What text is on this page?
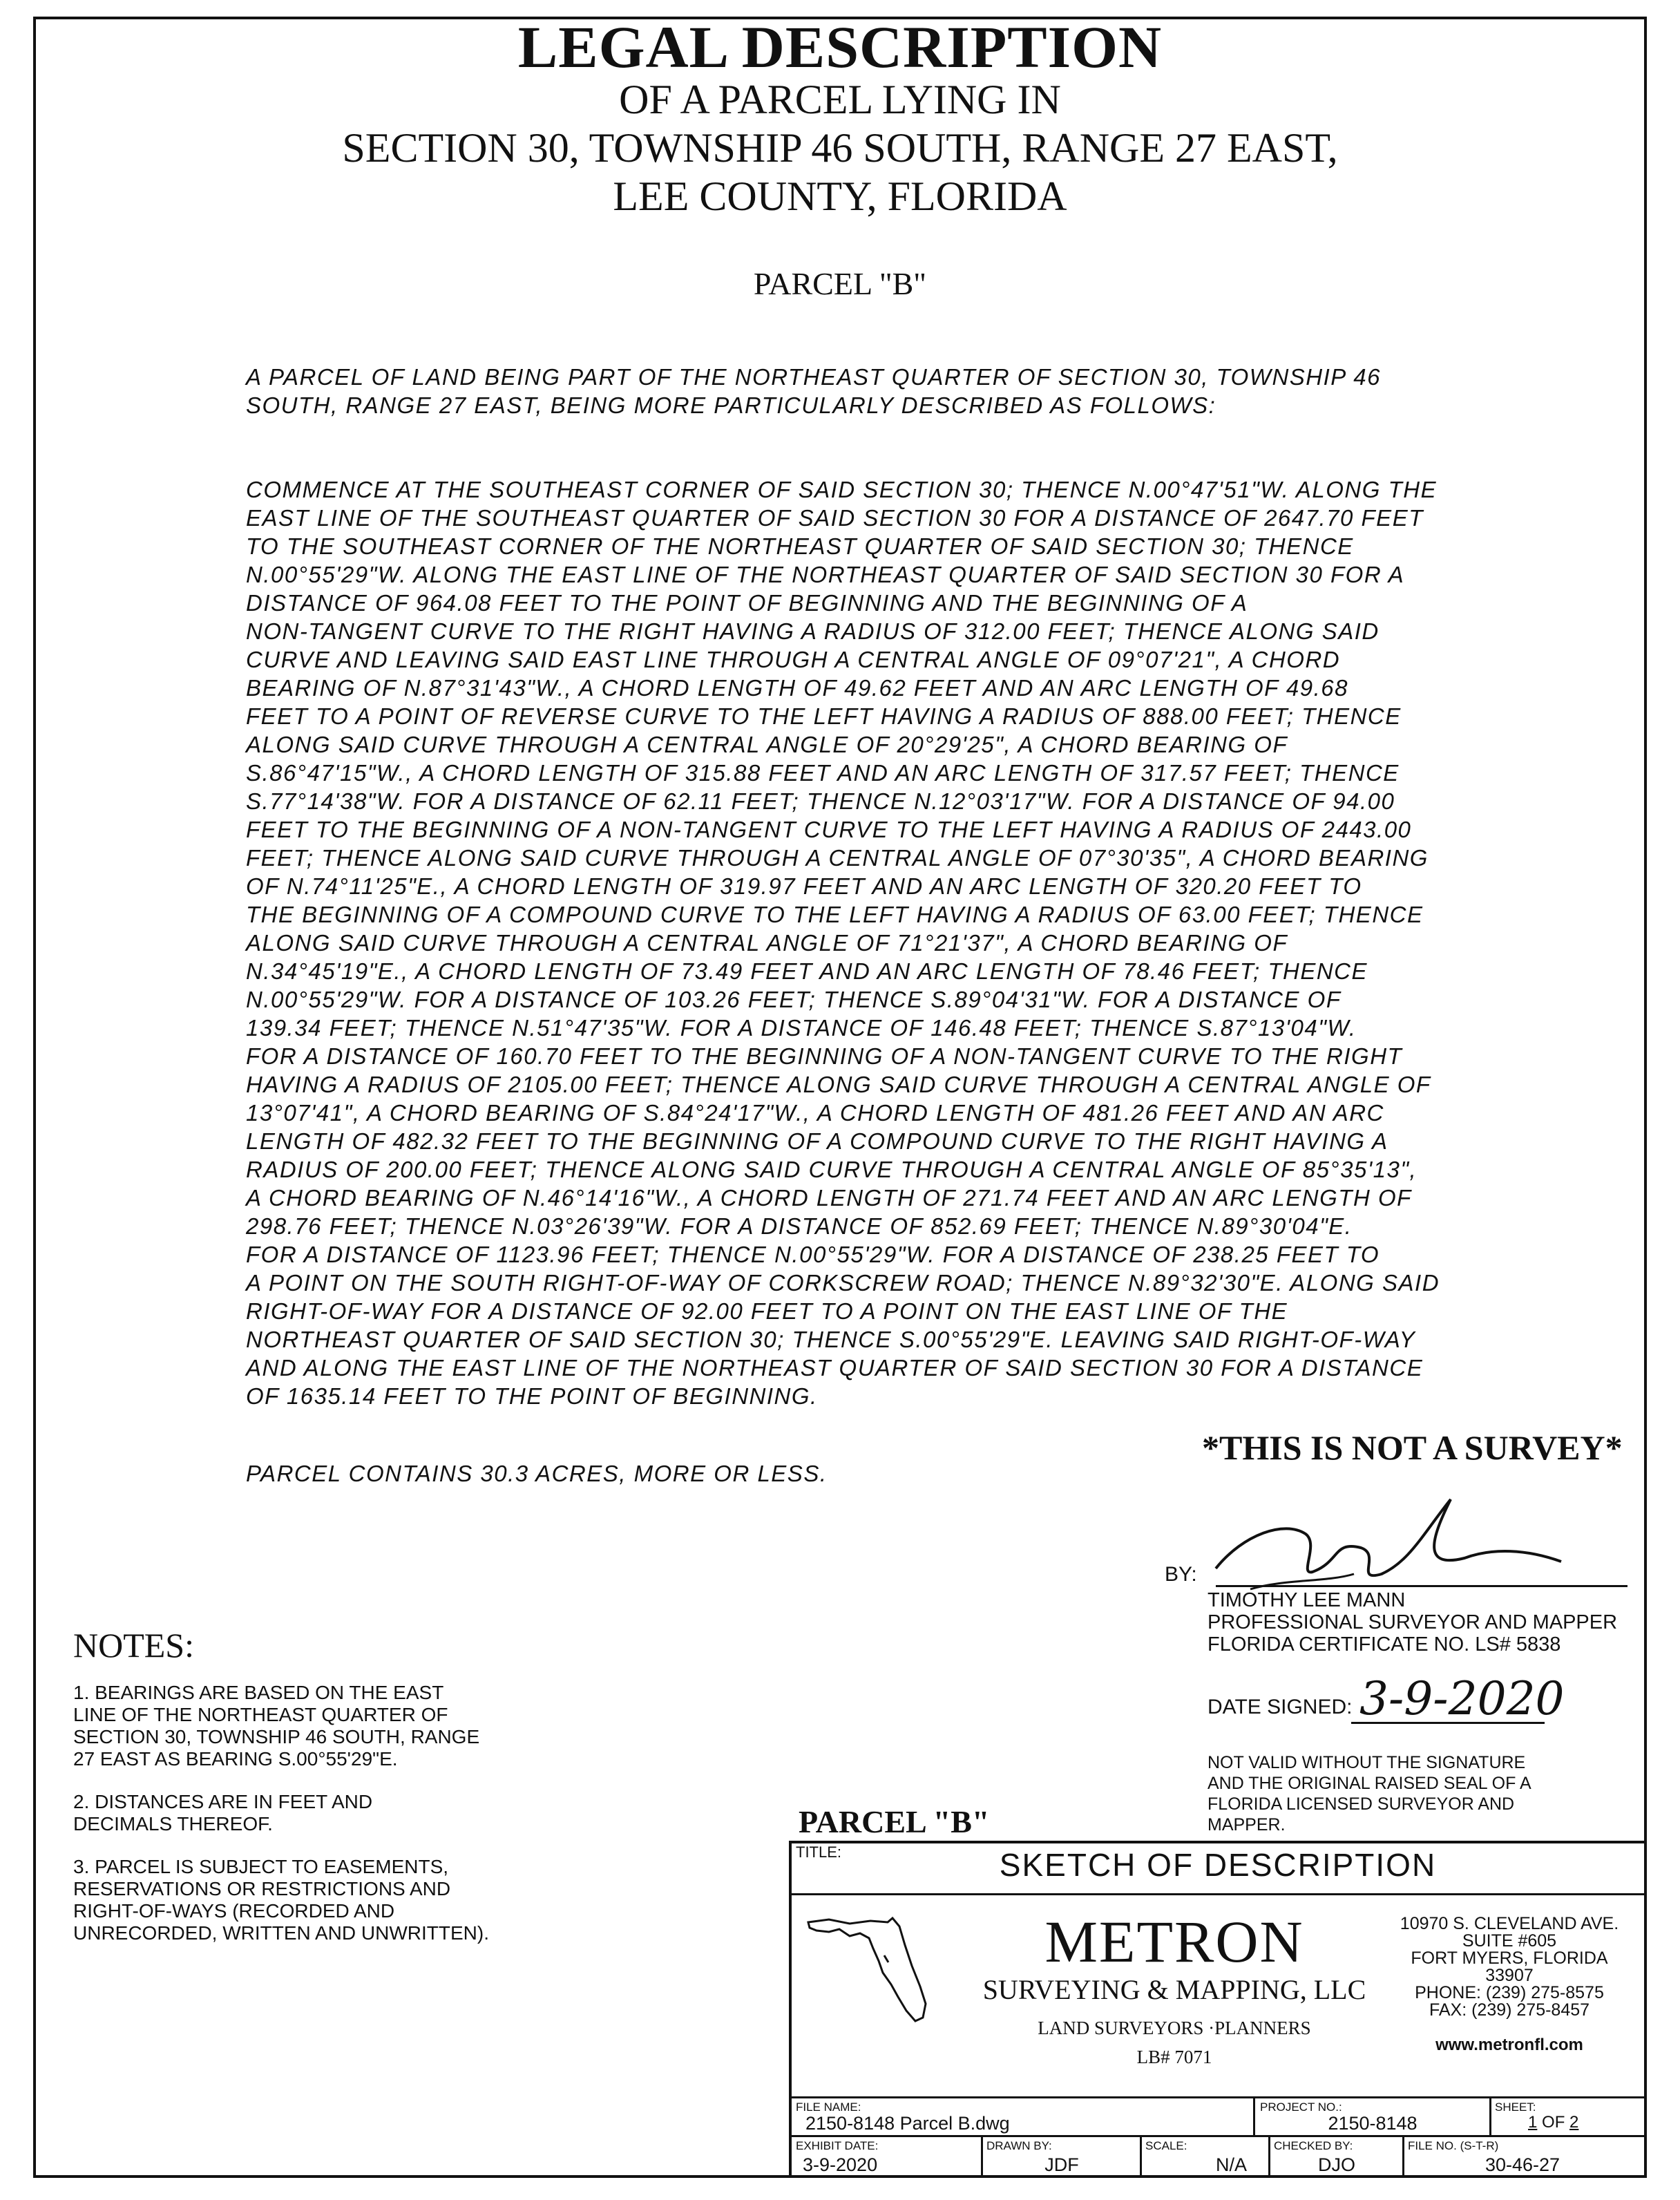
LEGAL DESCRIPTION
OF A PARCEL LYING IN
SECTION 30, TOWNSHIP 46 SOUTH, RANGE 27 EAST,
LEE COUNTY, FLORIDA
PARCEL "B"

A PARCEL OF LAND BEING PART OF THE NORTHEAST QUARTER OF SECTION 30, TOWNSHIP 46
SOUTH, RANGE 27 EAST, BEING MORE PARTICULARLY DESCRIBED AS FOLLOWS:

COMMENCE AT THE SOUTHEAST CORNER OF SAID SECTION 30; THENCE N.00°47'51"W. ALONG THE
EAST LINE OF THE SOUTHEAST QUARTER OF SAID SECTION 30 FOR A DISTANCE OF 2647.70 FEET
TO THE SOUTHEAST CORNER OF THE NORTHEAST QUARTER OF SAID SECTION 30; THENCE
N.00°55'29"W. ALONG THE EAST LINE OF THE NORTHEAST QUARTER OF SAID SECTION 30 FOR A
DISTANCE OF 964.08 FEET TO THE POINT OF BEGINNING AND THE BEGINNING OF A
NON-TANGENT CURVE TO THE RIGHT HAVING A RADIUS OF 312.00 FEET; THENCE ALONG SAID
CURVE AND LEAVING SAID EAST LINE THROUGH A CENTRAL ANGLE OF 09°07'21", A CHORD
BEARING OF N.87°31'43"W., A CHORD LENGTH OF 49.62 FEET AND AN ARC LENGTH OF 49.68
FEET TO A POINT OF REVERSE CURVE TO THE LEFT HAVING A RADIUS OF 888.00 FEET; THENCE
ALONG SAID CURVE THROUGH A CENTRAL ANGLE OF 20°29'25", A CHORD BEARING OF
S.86°47'15"W., A CHORD LENGTH OF 315.88 FEET AND AN ARC LENGTH OF 317.57 FEET; THENCE
S.77°14'38"W. FOR A DISTANCE OF 62.11 FEET; THENCE N.12°03'17"W. FOR A DISTANCE OF 94.00
FEET TO THE BEGINNING OF A NON-TANGENT CURVE TO THE LEFT HAVING A RADIUS OF 2443.00
FEET; THENCE ALONG SAID CURVE THROUGH A CENTRAL ANGLE OF 07°30'35", A CHORD BEARING
OF N.74°11'25"E., A CHORD LENGTH OF 319.97 FEET AND AN ARC LENGTH OF 320.20 FEET TO
THE BEGINNING OF A COMPOUND CURVE TO THE LEFT HAVING A RADIUS OF 63.00 FEET; THENCE
ALONG SAID CURVE THROUGH A CENTRAL ANGLE OF 71°21'37", A CHORD BEARING OF
N.34°45'19"E., A CHORD LENGTH OF 73.49 FEET AND AN ARC LENGTH OF 78.46 FEET; THENCE
N.00°55'29"W. FOR A DISTANCE OF 103.26 FEET; THENCE S.89°04'31"W. FOR A DISTANCE OF
139.34 FEET; THENCE N.51°47'35"W. FOR A DISTANCE OF 146.48 FEET; THENCE S.87°13'04"W.
FOR A DISTANCE OF 160.70 FEET TO THE BEGINNING OF A NON-TANGENT CURVE TO THE RIGHT
HAVING A RADIUS OF 2105.00 FEET; THENCE ALONG SAID CURVE THROUGH A CENTRAL ANGLE OF
13°07'41", A CHORD BEARING OF S.84°24'17"W., A CHORD LENGTH OF 481.26 FEET AND AN ARC
LENGTH OF 482.32 FEET TO THE BEGINNING OF A COMPOUND CURVE TO THE RIGHT HAVING A
RADIUS OF 200.00 FEET; THENCE ALONG SAID CURVE THROUGH A CENTRAL ANGLE OF 85°35'13",
A CHORD BEARING OF N.46°14'16"W., A CHORD LENGTH OF 271.74 FEET AND AN ARC LENGTH OF
298.76 FEET; THENCE N.03°26'39"W. FOR A DISTANCE OF 852.69 FEET; THENCE N.89°30'04"E.
FOR A DISTANCE OF 1123.96 FEET; THENCE N.00°55'29"W. FOR A DISTANCE OF 238.25 FEET TO
A POINT ON THE SOUTH RIGHT-OF-WAY OF CORKSCREW ROAD; THENCE N.89°32'30"E. ALONG SAID
RIGHT-OF-WAY FOR A DISTANCE OF 92.00 FEET TO A POINT ON THE EAST LINE OF THE
NORTHEAST QUARTER OF SAID SECTION 30; THENCE S.00°55'29"E. LEAVING SAID RIGHT-OF-WAY
AND ALONG THE EAST LINE OF THE NORTHEAST QUARTER OF SAID SECTION 30 FOR A DISTANCE
OF 1635.14 FEET TO THE POINT OF BEGINNING.

PARCEL CONTAINS 30.3 ACRES, MORE OR LESS.

*THIS IS NOT A SURVEY*
BY:
TIMOTHY LEE MANN
PROFESSIONAL SURVEYOR AND MAPPER
FLORIDA CERTIFICATE NO. LS# 5838
DATE SIGNED: 3-9-2020
NOT VALID WITHOUT THE SIGNATURE
AND THE ORIGINAL RAISED SEAL OF A
FLORIDA LICENSED SURVEYOR AND
MAPPER.
NOTES:
1. BEARINGS ARE BASED ON THE EAST
LINE OF THE NORTHEAST QUARTER OF
SECTION 30, TOWNSHIP 46 SOUTH, RANGE
27 EAST AS BEARING S.00°55'29"E.
2. DISTANCES ARE IN FEET AND
DECIMALS THEREOF.
3. PARCEL IS SUBJECT TO EASEMENTS,
RESERVATIONS OR RESTRICTIONS AND
RIGHT-OF-WAYS (RECORDED AND
UNRECORDED, WRITTEN AND UNWRITTEN).
PARCEL "B"
TITLE:	SKETCH OF DESCRIPTION
METRON
SURVEYING & MAPPING, LLC
LAND SURVEYORS ·PLANNERS
LB# 7071
10970 S. CLEVELAND AVE.
SUITE #605
FORT MYERS, FLORIDA 33907
PHONE: (239) 275-8575
FAX: (239) 275-8457
www.metronfl.com
FILE NAME:
2150-8148 Parcel B.dwg
PROJECT NO.:
2150-8148
SHEET:
1 OF 2
EXHIBIT DATE:
3-9-2020
DRAWN BY:
JDF
SCALE:
N/A
CHECKED BY:
DJO
FILE NO. (S-T-R)
30-46-27
